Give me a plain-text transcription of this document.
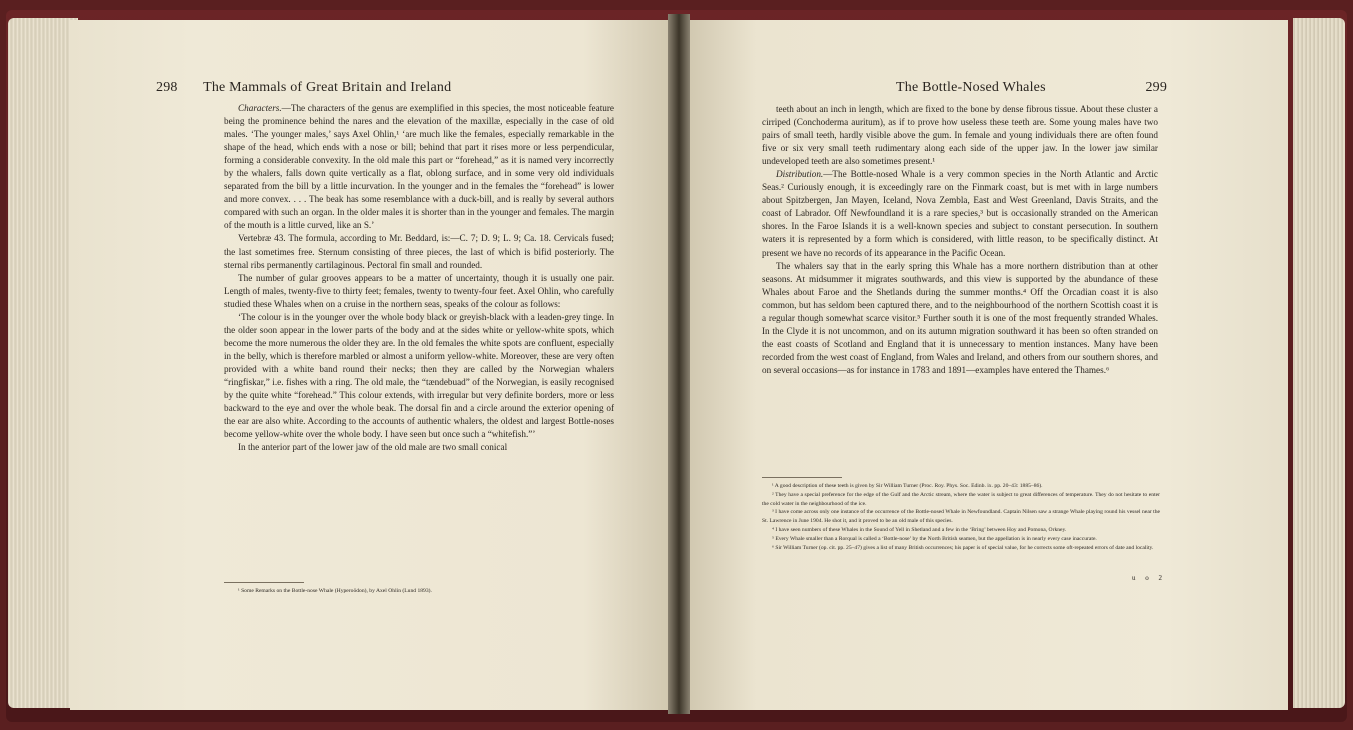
298 The Mammals of Great Britain and Ireland	The Bottle-Nosed Whales	299

Characters.—The characters of the genus are exemplified in this species, the most noticeable feature being the prominence behind the nares and the elevation of the maxillæ, especially in the case of old males. ‘The younger males,’ says Axel Ohlin,¹ ‘are much like the females, especially remarkable in the shape of the head, which ends with a nose or bill; behind that part it rises more or less perpendicular, forming a considerable convexity. In the old male this part or “forehead,” as it is named very incorrectly by the whalers, falls down quite vertically as a flat, oblong surface, and in some very old individuals separated from the bill by a little incurvation. In the younger and in the females the “forehead” is lower and more convex. . . . The beak has some resemblance with a duck-bill, and is really by several authors compared with such an organ. In the older males it is shorter than in the younger and females. The margin of the mouth is a little curved, like an S.’

Vertebræ 43. The formula, according to Mr. Beddard, is:—C. 7; D. 9; L. 9; Ca. 18. Cervicals fused; the last sometimes free. Sternum consisting of three pieces, the last of which is bifid posteriorly. The sternal ribs permanently cartilaginous. Pectoral fin small and rounded.

The number of gular grooves appears to be a matter of uncertainty, though it is usually one pair. Length of males, twenty-five to thirty feet; females, twenty to twenty-four feet. Axel Ohlin, who carefully studied these Whales when on a cruise in the northern seas, speaks of the colour as follows:

‘The colour is in the younger over the whole body black or greyish-black with a leaden-grey tinge. In the older soon appear in the lower parts of the body and at the sides white or yellow-white spots, which become the more numerous the older they are. In the old females the white spots are confluent, especially in the belly, which is therefore marbled or almost a uniform yellow-white. Moreover, these are very often provided with a white band round their necks; then they are called by the Norwegian whalers “ringfiskar,” i.e. fishes with a ring. The old male, the “tændebuad” of the Norwegian, is easily recognised by the quite white “forehead.” This colour extends, with irregular but very definite borders, more or less backward to the eye and over the whole beak. The dorsal fin and a circle around the exterior opening of the ear are also white. According to the accounts of authentic whalers, the oldest and largest Bottle-noses become yellow-white over the whole body. I have seen but once such a “whitefish.”’

In the anterior part of the lower jaw of the old male are two small conical

¹ Some Remarks on the Bottle-nose Whale (Hyperoödon), by Axel Ohlin (Lund 1893).

teeth about an inch in length, which are fixed to the bone by dense fibrous tissue. About these cluster a cirriped (Conchoderma auritum), as if to prove how useless these teeth are. Some young males have two pairs of small teeth, hardly visible above the gum. In female and young individuals there are often found five or six very small teeth rudimentary along each side of the upper jaw. In the lower jaw similar undeveloped teeth are also sometimes present.¹

Distribution.—The Bottle-nosed Whale is a very common species in the North Atlantic and Arctic Seas.² Curiously enough, it is exceedingly rare on the Finmark coast, but is met with in large numbers about Spitzbergen, Jan Mayen, Iceland, Nova Zembla, East and West Greenland, Davis Straits, and the coast of Labrador. Off Newfoundland it is a rare species,³ but is occasionally stranded on the American shores. In the Faroe Islands it is a well-known species and subject to constant persecution. In southern waters it is represented by a form which is considered, with little reason, to be specifically distinct. At present we have no records of its appearance in the Pacific Ocean.

The whalers say that in the early spring this Whale has a more northern distribution than at other seasons. At midsummer it migrates southwards, and this view is supported by the abundance of these Whales about Faroe and the Shetlands during the summer months.⁴ Off the Orcadian coast it is also common, but has seldom been captured there, and to the neighbourhood of the northern Scottish coast it is a regular though somewhat scarce visitor.⁵ Further south it is one of the most frequently stranded Whales. In the Clyde it is not uncommon, and on its autumn migration southward it has been so often stranded on the east coasts of Scotland and England that it is unnecessary to mention instances. Many have been recorded from the west coast of England, from Wales and Ireland, and others from our southern shores, and on several occasions—as for instance in 1783 and 1891—examples have entered the Thames.⁶

¹ A good description of these teeth is given by Sir William Turner (Proc. Roy. Phys. Soc. Edinb. ix. pp. 20–43: 1885–86).

² They have a special preference for the edge of the Gulf and the Arctic stream, where the water is subject to great differences of temperature. They do not hesitate to enter the cold water in the neighbourhood of the ice.

³ I have come across only one instance of the occurrence of the Bottle-nosed Whale in Newfoundland. Captain Nilsen saw a strange Whale playing round his vessel near the St. Lawrence in June 1904. He shot it, and it proved to be an old male of this species.

⁴ I have seen numbers of these Whales in the Sound of Yell in Shetland and a few in the ‘Bring’ between Hoy and Pomona, Orkney.

⁵ Every Whale smaller than a Rorqual is called a ‘Bottle-nose’ by the North British seamen, but the appellation is in nearly every case inaccurate.

⁶ Sir William Turner (op. cit. pp. 25–47) gives a list of many British occurrences; his paper is of special value, for he corrects some oft-repeated errors of date and locality.

u o 2
